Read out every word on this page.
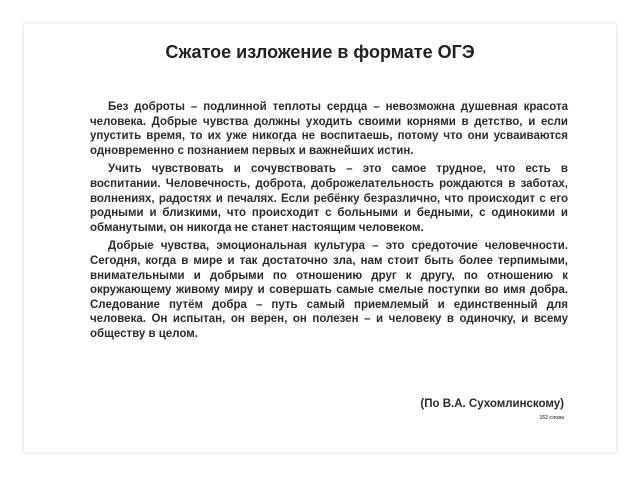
Сжатое изложение в формате ОГЭ

Без доброты – подлинной теплоты сердца – невозможна душевная красота человека. Добрые чувства должны уходить своими корнями в детство, и если упустить время, то их уже никогда не воспитаешь, потому что они усваиваются одновременно с познанием первых и важнейших истин.

Учить чувствовать и сочувствовать – это самое трудное, что есть в воспитании. Человечность, доброта, доброжелательность рождаются в заботах, волнениях, радостях и печалях. Если ребёнку безразлично, что происходит с его родными и близкими, что происходит с больными и бедными, с одинокими и обманутыми, он никогда не станет настоящим человеком.

Добрые чувства, эмоциональная культура – это средоточие человечности. Сегодня, когда в мире и так достаточно зла, нам стоит быть более терпимыми, внимательными и добрыми по отношению друг к другу, по отношению к окружающему живому миру и совершать самые смелые поступки во имя добра. Следование путём добра – путь самый приемлемый и единственный для человека. Он испытан, он верен, он полезен – и человеку в одиночку, и всему обществу в целом.

(По В.А. Сухомлинскому)
152 слова
